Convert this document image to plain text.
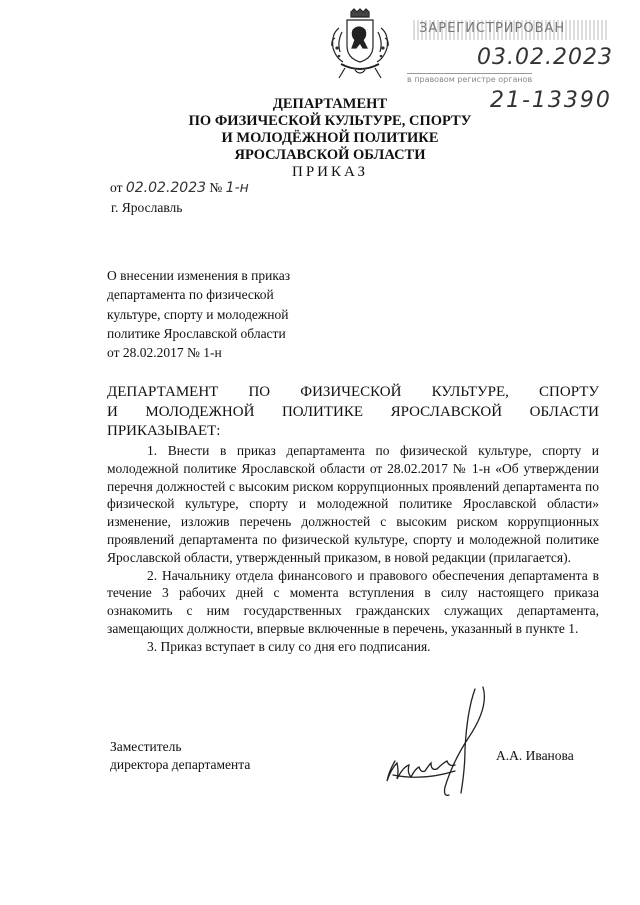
ЗАРЕГИСТРИРОВАН
03.02.2023
в правовом регистре органов
21-13390
ДЕПАРТАМЕНТ
ПО ФИЗИЧЕСКОЙ КУЛЬТУРЕ, СПОРТУ
И МОЛОДЁЖНОЙ ПОЛИТИКЕ
ЯРОСЛАВСКОЙ ОБЛАСТИ
ПРИКАЗ
от 02.02.2023 № 1-н
г. Ярославль
О внесении изменения в приказ
департамента по физической
культуре, спорту и молодежной
политике Ярославской области
от 28.02.2017 № 1-н
ДЕПАРТАМЕНТ ПО ФИЗИЧЕСКОЙ КУЛЬТУРЕ, СПОРТУ
И МОЛОДЕЖНОЙ ПОЛИТИКЕ ЯРОСЛАВСКОЙ ОБЛАСТИ
ПРИКАЗЫВАЕТ:

1. Внести в приказ департамента по физической культуре, спорту и молодежной политике Ярославской области от 28.02.2017 № 1-н «Об утверждении перечня должностей с высоким риском коррупционных проявлений департамента по физической культуре, спорту и молодежной политике Ярославской области» изменение, изложив перечень должностей с высоким риском коррупционных проявлений департамента по физической культуре, спорту и молодежной политике Ярославской области, утвержденный приказом, в новой редакции (прилагается).

2. Начальнику отдела финансового и правового обеспечения департамента в течение 3 рабочих дней с момента вступления в силу настоящего приказа ознакомить с ним государственных гражданских служащих департамента, замещающих должности, впервые включенные в перечень, указанный в пункте 1.

3. Приказ вступает в силу со дня его подписания.

Заместитель
директора департамента
А.А. Иванова
